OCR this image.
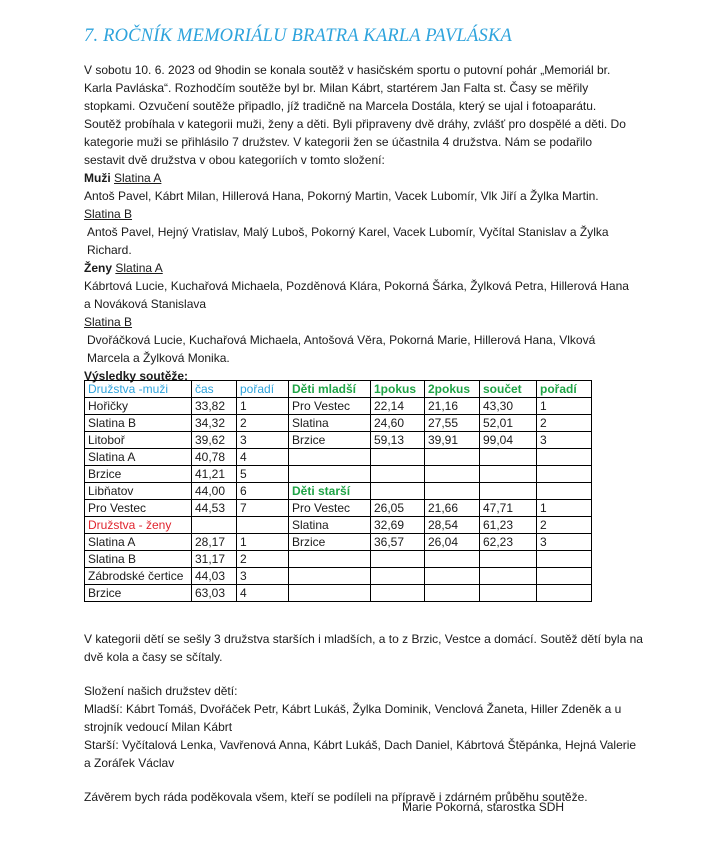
7. ROČNÍK MEMORIÁLU BRATRA KARLA PAVLÁSKA

V sobotu 10. 6. 2023 od 9hodin se konala soutěž v hasičském sportu o putovní pohár „Memoriál br. Karla Pavláska“. Rozhodčím soutěže byl br. Milan Kábrt, startérem Jan Falta st. Časy se měřily stopkami. Ozvučení soutěže připadlo, jíž tradičně na Marcela Dostála, který se ujal i fotoaparátu. Soutěž probíhala v kategorii muži, ženy a děti. Byli připraveny dvě dráhy, zvlášť pro dospělé a děti. Do kategorie muži se přihlásilo 7 družstev. V kategorii žen se účastnila 4 družstva. Nám se podařilo sestavit dvě družstva v obou kategoriích v tomto složení:

Muži Slatina A

Antoš Pavel, Kábrt Milan, Hillerová Hana, Pokorný Martin, Vacek Lubomír, Vlk Jiří a Žylka Martin.

Slatina B

Antoš Pavel, Hejný Vratislav, Malý Luboš, Pokorný Karel, Vacek Lubomír, Vyčítal Stanislav a Žylka Richard.

Ženy Slatina A

Kábrtová Lucie, Kuchařová Michaela, Pozděnová Klára, Pokorná Šárka, Žylková Petra, Hillerová Hana a Nováková Stanislava

Slatina B

Dvořáčková Lucie, Kuchařová Michaela, Antošová Věra, Pokorná Marie, Hillerová Hana, Vlková Marcela a Žylková Monika.

Výsledky soutěže:

Družstva -muži	čas	pořadí	Děti mladší	1pokus	2pokus	součet	pořadí
Hořičky	33,82	1	Pro Vestec	22,14	21,16	43,30	1
Slatina B	34,32	2	Slatina	24,60	27,55	52,01	2
Litoboř	39,62	3	Brzice	59,13	39,91	99,04	3
Slatina A	40,78	4					
Brzice	41,21	5					
Libňatov	44,00	6	Děti starší				
Pro Vestec	44,53	7	Pro Vestec	26,05	21,66	47,71	1
Družstva - ženy			Slatina	32,69	28,54	61,23	2
Slatina A	28,17	1	Brzice	36,57	26,04	62,23	3
Slatina B	31,17	2					
Zábrodské čertice	44,03	3					
Brzice	63,03	4					

V kategorii dětí se sešly 3 družstva starších i mladších, a to z Brzic, Vestce a domácí. Soutěž dětí byla na dvě kola a časy se sčítaly.

Složení našich družstev dětí:

Mladší: Kábrt Tomáš, Dvořáček Petr, Kábrt Lukáš, Žylka Dominik, Venclová Žaneta, Hiller Zdeněk a u strojník vedoucí Milan Kábrt

Starší: Vyčítalová Lenka, Vavřenová Anna, Kábrt Lukáš, Dach Daniel, Kábrtová Štěpánka, Hejná Valerie a Zoráľek Václav

Závěrem bych ráda poděkovala všem, kteří se podíleli na přípravě i zdárném průběhu soutěže.

Marie Pokorná, starostka SDH
